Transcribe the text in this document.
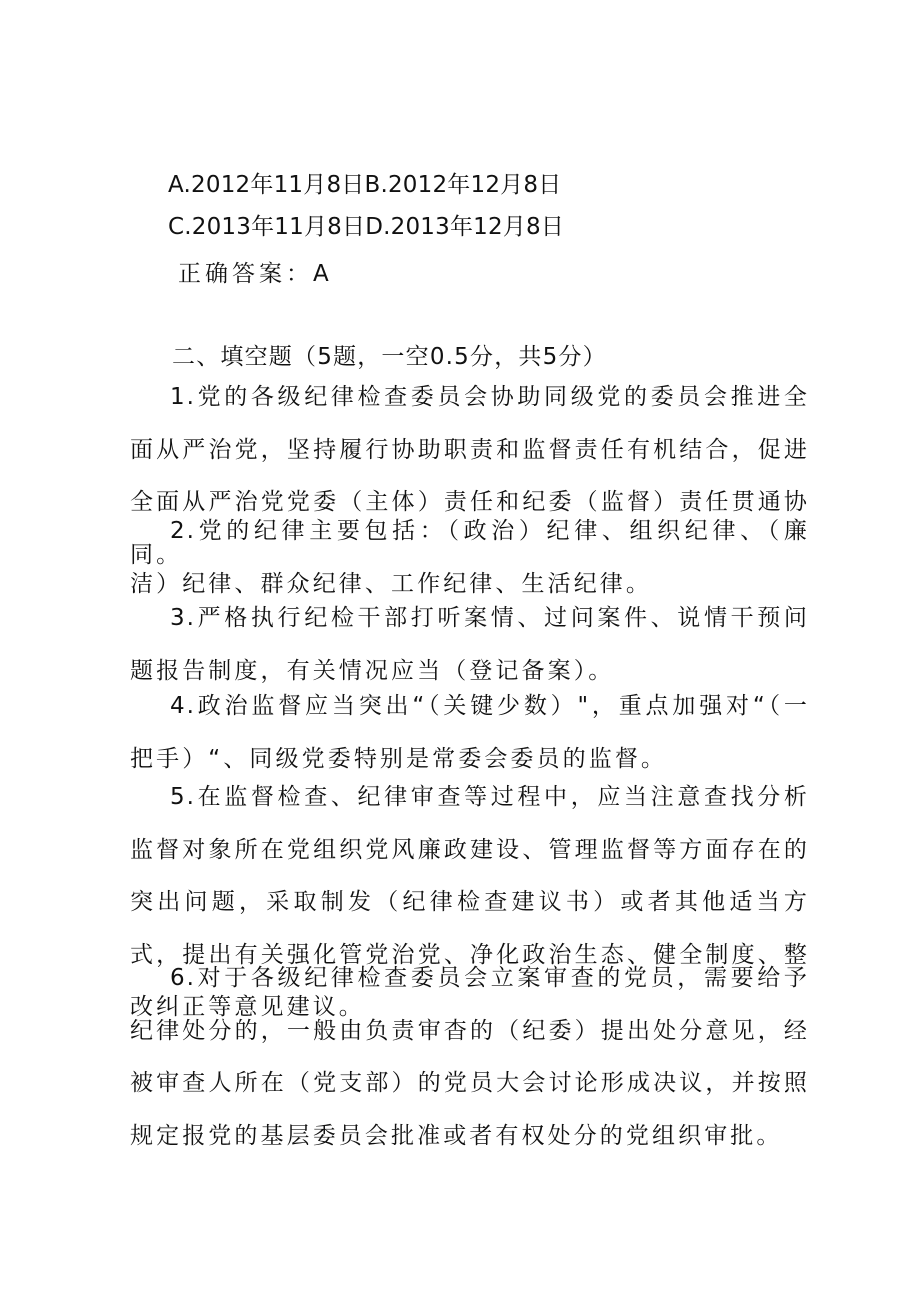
A.2012年11月8日B.2012年12月8日
C.2013年11月8日D.2013年12月8日
正确答案：A
二、填空题（5题，一空0.5分，共5分）
1.党的各级纪律检查委员会协助同级党的委员会推进全面从严治党，坚持履行协助职责和监督责任有机结合，促进全面从严治党党委（主体）责任和纪委（监督）责任贯通协同。
2.党的纪律主要包括：（政治）纪律、组织纪律、（廉洁）纪律、群众纪律、工作纪律、生活纪律。
3.严格执行纪检干部打听案情、过问案件、说情干预问题报告制度，有关情况应当（登记备案）。
4.政治监督应当突出“（关键少数）"，重点加强对“（一把手）“、同级党委特别是常委会委员的监督。
5.在监督检查、纪律审查等过程中，应当注意查找分析监督对象所在党组织党风廉政建设、管理监督等方面存在的突出问题，采取制发（纪律检查建议书）或者其他适当方式，提出有关强化管党治党、净化政治生态、健全制度、整改纠正等意见建议。
6.对于各级纪律检查委员会立案审查的党员，需要给予纪律处分的，一般由负责审杳的（纪委）提出处分意见，经被审查人所在（党支部）的党员大会讨论形成决议，并按照规定报党的基层委员会批准或者有权处分的党组织审批。
